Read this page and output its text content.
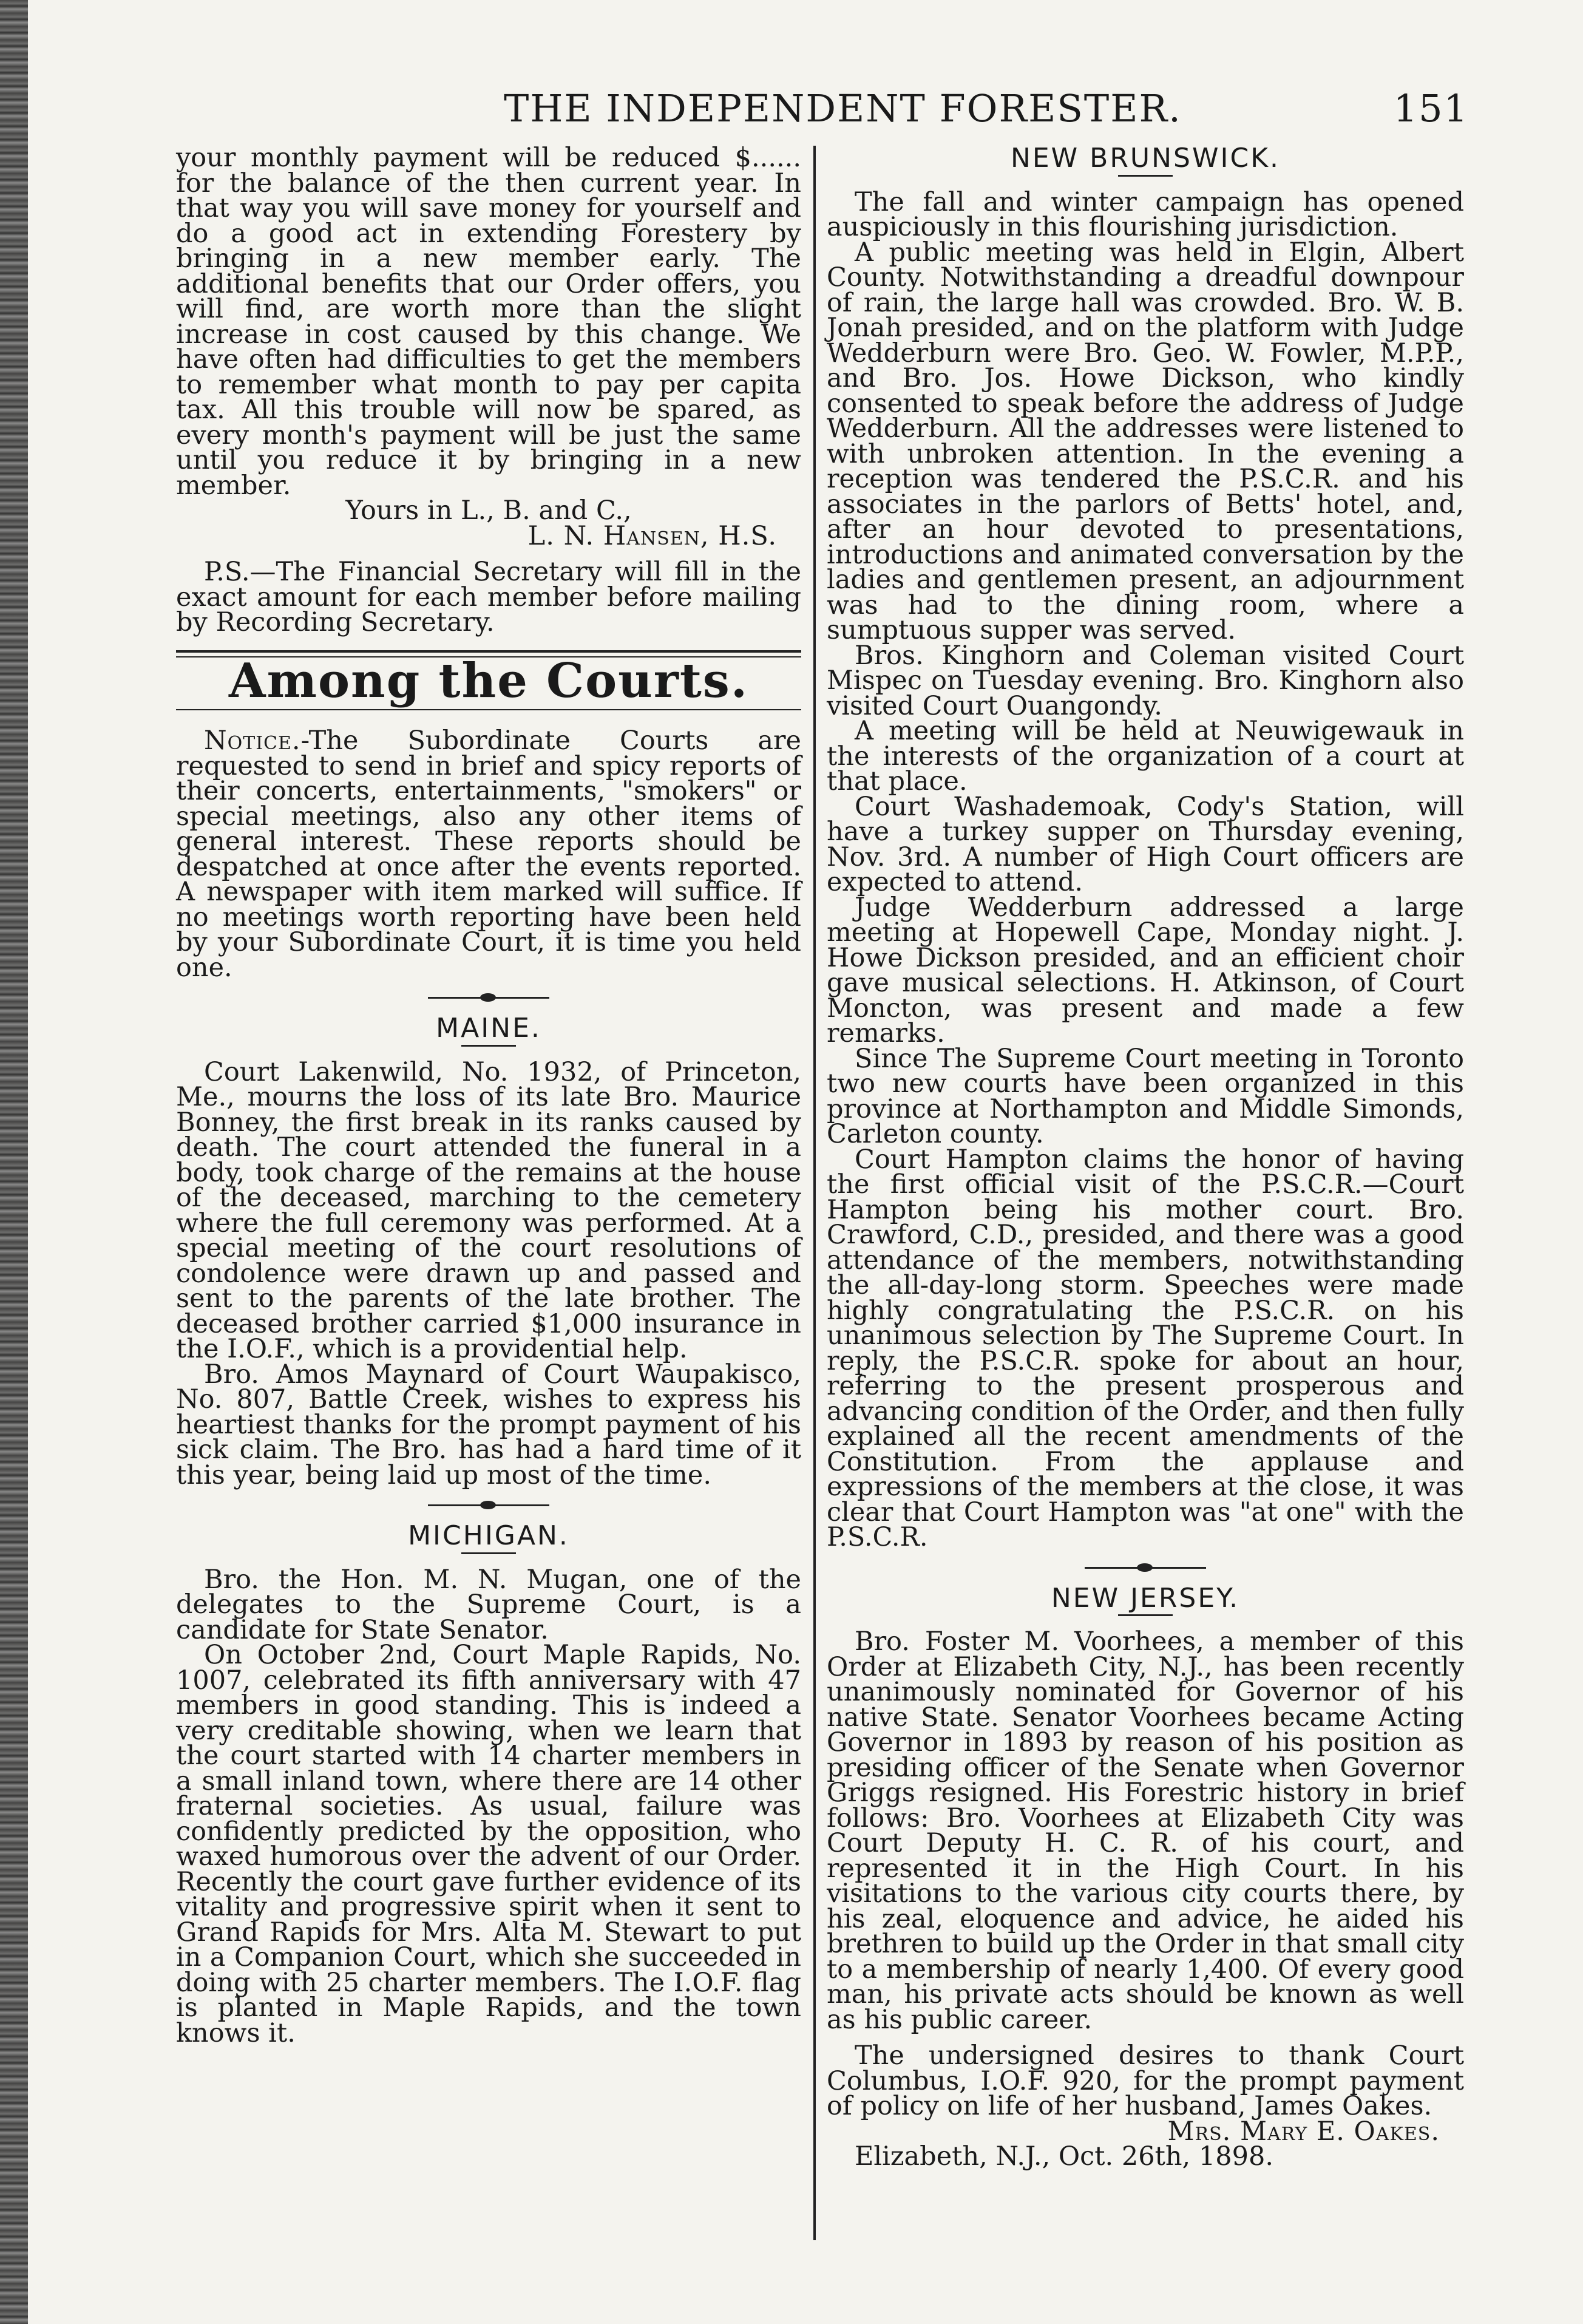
THE INDEPENDENT FORESTER.	151

your monthly payment will be reduced $...... for the balance of the then current year. In that way you will save money for yourself and do a good act in extending Forestery by bringing in a new member early. The additional benefits that our Order offers, you will find, are worth more than the slight increase in cost caused by this change. We have often had difficulties to get the members to remember what month to pay per capita tax. All this trouble will now be spared, as every month's payment will be just the same until you reduce it by bringing in a new member.

Yours in L., B. and C.,
L. N. Hansen, H.S.

P.S.—The Financial Secretary will fill in the exact amount for each member before mailing by Recording Secretary.

Among the Courts.

Notice.-The Subordinate Courts are requested to send in brief and spicy reports of their concerts, entertainments, "smokers" or special meetings, also any other items of general interest. These reports should be despatched at once after the events reported. A newspaper with item marked will suffice. If no meetings worth reporting have been held by your Subordinate Court, it is time you held one.

MAINE.

Court Lakenwild, No. 1932, of Princeton, Me., mourns the loss of its late Bro. Maurice Bonney, the first break in its ranks caused by death. The court attended the funeral in a body, took charge of the remains at the house of the deceased, marching to the cemetery where the full ceremony was performed. At a special meeting of the court resolutions of condolence were drawn up and passed and sent to the parents of the late brother. The deceased brother carried $1,000 insurance in the I.O.F., which is a providential help.

Bro. Amos Maynard of Court Waupakisco, No. 807, Battle Creek, wishes to express his heartiest thanks for the prompt payment of his sick claim. The Bro. has had a hard time of it this year, being laid up most of the time.

MICHIGAN.

Bro. the Hon. M. N. Mugan, one of the delegates to the Supreme Court, is a candidate for State Senator.

On October 2nd, Court Maple Rapids, No. 1007, celebrated its fifth anniversary with 47 members in good standing. This is indeed a very creditable showing, when we learn that the court started with 14 charter members in a small inland town, where there are 14 other fraternal societies. As usual, failure was confidently predicted by the opposition, who waxed humorous over the advent of our Order. Recently the court gave further evidence of its vitality and progressive spirit when it sent to Grand Rapids for Mrs. Alta M. Stewart to put in a Companion Court, which she succeeded in doing with 25 charter members. The I.O.F. flag is planted in Maple Rapids, and the town knows it.

NEW BRUNSWICK.

The fall and winter campaign has opened auspiciously in this flourishing jurisdiction.

A public meeting was held in Elgin, Albert County. Notwithstanding a dreadful downpour of rain, the large hall was crowded. Bro. W. B. Jonah presided, and on the platform with Judge Wedderburn were Bro. Geo. W. Fowler, M.P.P., and Bro. Jos. Howe Dickson, who kindly consented to speak before the address of Judge Wedderburn. All the addresses were listened to with unbroken attention. In the evening a reception was tendered the P.S.C.R. and his associates in the parlors of Betts' hotel, and, after an hour devoted to presentations, introductions and animated conversation by the ladies and gentlemen present, an adjournment was had to the dining room, where a sumptuous supper was served.

Bros. Kinghorn and Coleman visited Court Mispec on Tuesday evening. Bro. Kinghorn also visited Court Ouangondy.

A meeting will be held at Neuwigewauk in the interests of the organization of a court at that place.

Court Washademoak, Cody's Station, will have a turkey supper on Thursday evening, Nov. 3rd. A number of High Court officers are expected to attend.

Judge Wedderburn addressed a large meeting at Hopewell Cape, Monday night. J. Howe Dickson presided, and an efficient choir gave musical selections. H. Atkinson, of Court Moncton, was present and made a few remarks.

Since The Supreme Court meeting in Toronto two new courts have been organized in this province at Northampton and Middle Simonds, Carleton county.

Court Hampton claims the honor of having the first official visit of the P.S.C.R.—Court Hampton being his mother court. Bro. Crawford, C.D., presided, and there was a good attendance of the members, notwithstanding the all-day-long storm. Speeches were made highly congratulating the P.S.C.R. on his unanimous selection by The Supreme Court. In reply, the P.S.C.R. spoke for about an hour, referring to the present prosperous and advancing condition of the Order, and then fully explained all the recent amendments of the Constitution. From the applause and expressions of the members at the close, it was clear that Court Hampton was "at one" with the P.S.C.R.

NEW JERSEY.

Bro. Foster M. Voorhees, a member of this Order at Elizabeth City, N.J., has been recently unanimously nominated for Governor of his native State. Senator Voorhees became Acting Governor in 1893 by reason of his position as presiding officer of the Senate when Governor Griggs resigned. His Forestric history in brief follows: Bro. Voorhees at Elizabeth City was Court Deputy H. C. R. of his court, and represented it in the High Court. In his visitations to the various city courts there, by his zeal, eloquence and advice, he aided his brethren to build up the Order in that small city to a membership of nearly 1,400. Of every good man, his private acts should be known as well as his public career.

The undersigned desires to thank Court Columbus, I.O.F. 920, for the prompt payment of policy on life of her husband, James Oakes.

Mrs. Mary E. Oakes.

Elizabeth, N.J., Oct. 26th, 1898.
